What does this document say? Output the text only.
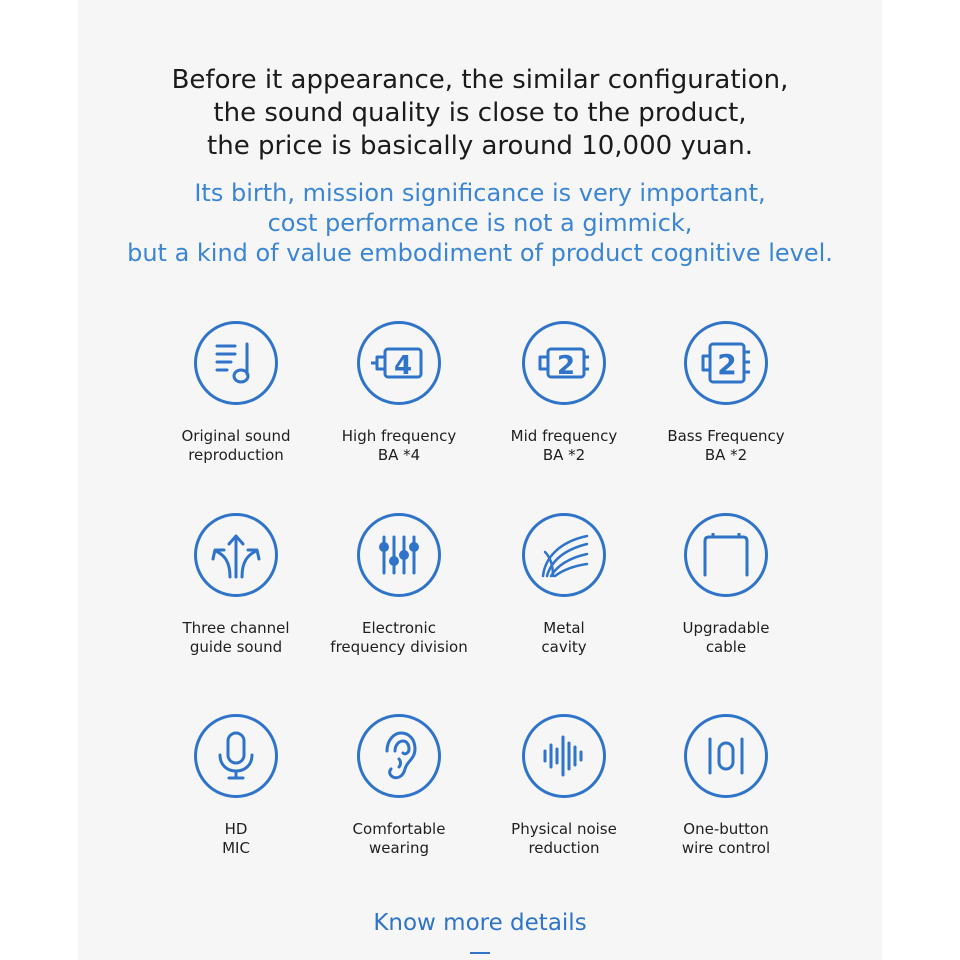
Before it appearance, the similar configuration,
the sound quality is close to the product,
the price is basically around 10,000 yuan.
Its birth, mission significance is very important,
cost performance is not a gimmick,
but a kind of value embodiment of product cognitive level.
Original sound
reproduction
4
High frequency
BA *4
2
Mid frequency
BA *2
2
Bass Frequency
BA *2
Three channel
guide sound
Electronic
frequency division
Metal
cavity
Upgradable
cable
HD
MIC
Comfortable
wearing
Physical noise
reduction
One-button
wire control
Know more details
